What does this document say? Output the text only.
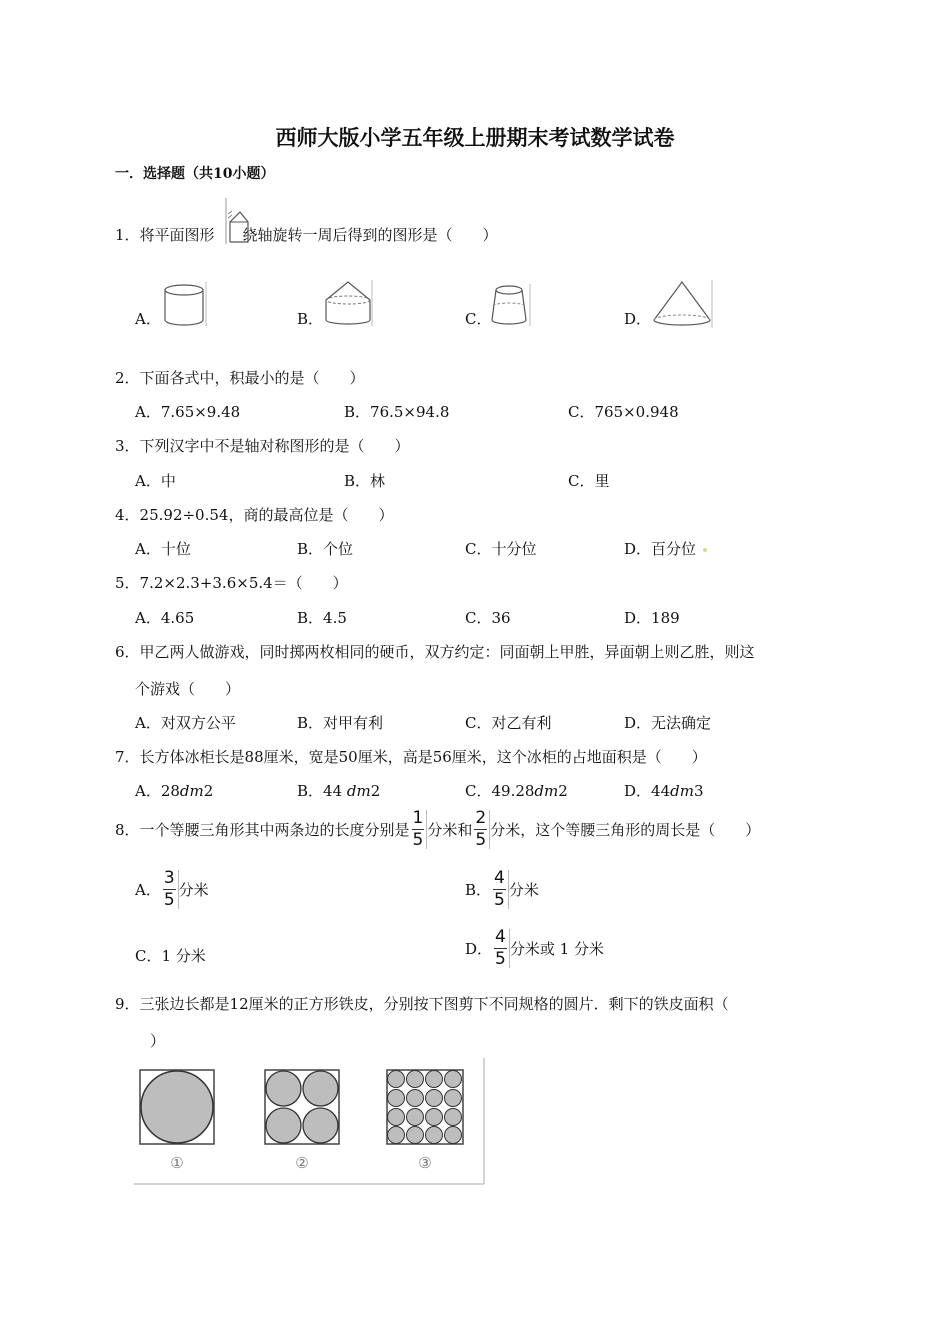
西师大版小学五年级上册期末考试数学试卷
一．选择题（共10小题）
1．将平面图形 绕轴旋转一周后得到的图形是（　　）
A．	B．	C．	D．
2．下面各式中，积最小的是（　　）
A．7.65×9.48	B．76.5×94.8	C．765×0.948
3．下列汉字中不是轴对称图形的是（　　）
A．中	B．林	C．里
4．25.92÷0.54，商的最高位是（　　）
A．十位	B．个位	C．十分位	D．百分位
5．7.2×2.3+3.6×5.4＝（　　）
A．4.65	B．4.5	C．36	D．189
6．甲乙两人做游戏，同时掷两枚相同的硬币，双方约定：同面朝上甲胜，异面朝上则乙胜，则这
个游戏（　　）
A．对双方公平	B．对甲有利	C．对乙有利	D．无法确定
7．长方体冰柜长是88厘米，宽是50厘米，高是56厘米，这个冰柜的占地面积是（　　）
A．28dm2	B．44 dm2	C．49.28dm2	D．44dm3
8．一个等腰三角形其中两条边的长度分别是 $\frac{1}{5}$ 分米和 $\frac{2}{5}$ 分米，这个等腰三角形的周长是（　　）
A． $\frac{3}{5}$ 分米	B． $\frac{4}{5}$ 分米
C．1 分米	D． $\frac{4}{5}$ 分米或 1 分米
9．三张边长都是12厘米的正方形铁皮，分别按下图剪下不同规格的圆片．剩下的铁皮面积（
）
①	②	③
